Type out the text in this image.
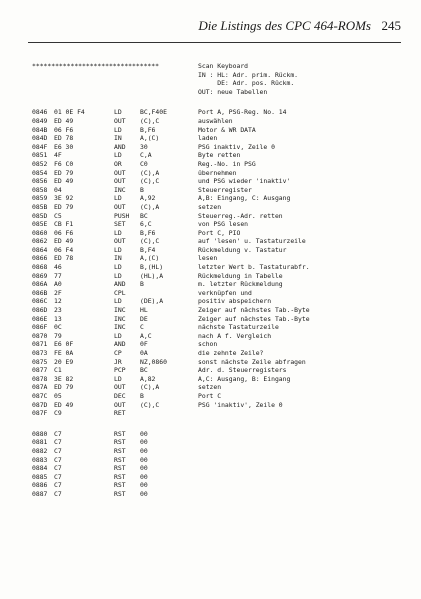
Die Listings des CPC 464-ROMs 245
*********************************	Scan Keyboard
IN : HL: Adr. prim. Rückm.
DE: Adr. pos. Rückm.
OUT: neue Tabellen
0846 01 0E F4	LD	BC,F40E	Port A, PSG-Reg. No. 14
0849 ED 49	OUT (C),C	auswählen
084B 06 F6	LD	B,F6	Motor & WR DATA
084D ED 78	IN	A,(C)	laden
084F E6 30	AND 30	PSG inaktiv, Zeile 0
0851 4F	LD	C,A	Byte retten
0852 F6 C0	OR	C0	Reg.-No. in PSG
0854 ED 79	OUT (C),A	übernehmen
0856 ED 49	OUT (C),C	und PSG wieder 'inaktiv'
0858 04	INC B	Steuerregister
0859 3E 92	LD	A,92	A,B: Eingang, C: Ausgang
085B ED 79	OUT (C),A	setzen
085D C5	PUSH BC	Steuerreg.-Adr. retten
085E CB F1	SET 6,C	von PSG lesen
0860 06 F6	LD	B,F6	Port C, PIO
0862 ED 49	OUT (C),C	auf 'lesen' u. Tastaturzeile
0864 06 F4	LD	B,F4	Rückmeldung v. Tastatur
0866 ED 78	IN	A,(C)	lesen
0868 46	LD	B,(HL)	letzter Wert b. Tastaturabfr.
0869 77	LD	(HL),A	Rückmeldung in Tabelle
086A A0	AND B	m. letzter Rückmeldung
086B 2F	CPL	verknüpfen und
086C 12	LD	(DE),A	positiv abspeichern
086D 23	INC HL	Zeiger auf nächstes Tab.-Byte
086E 13	INC DE	Zeiger auf nächstes Tab.-Byte
086F 0C	INC C	nächste Tastaturzeile
0870 79	LD	A,C	nach A f. Vergleich
0871 E6 0F	AND 0F	schon
0873 FE 0A	CP	0A	die zehnte Zeile?
0875 20 E9	JR	NZ,0860	sonst nächste Zeile abfragen
0877 C1	PCP BC	Adr. d. Steuerregisters
0878 3E 82	LD	A,82	A,C: Ausgang, B: Eingang
087A ED 79	OUT (C),A	setzen
087C 05	DEC B	Port C
087D ED 49	OUT (C),C	PSG 'inaktiv', Zeile 0
087F C9	RET
0880 C7	RST 00
0881 C7	RST 00
0882 C7	RST 00
0883 C7	RST 00
0884 C7	RST 00
0885 C7	RST 00
0886 C7	RST 00
0887 C7	RST 00
